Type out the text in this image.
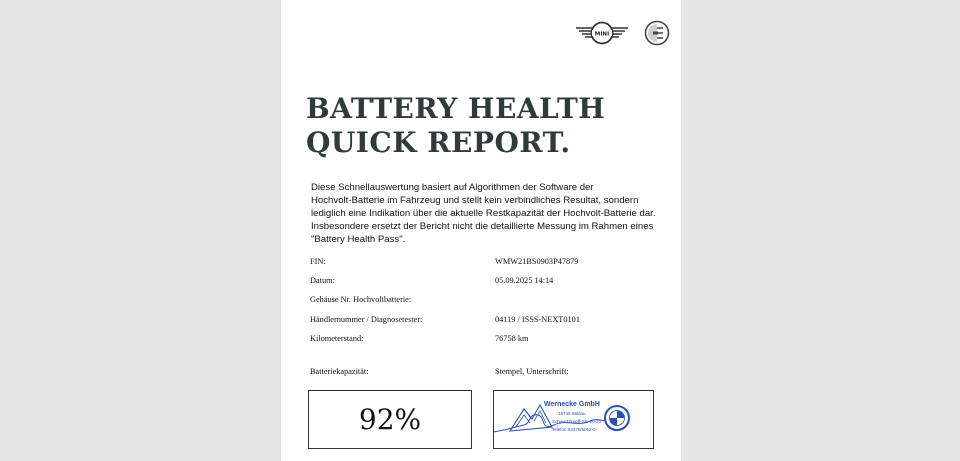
MINI
BATTERY HEALTH
QUICK REPORT.
Diese Schnellauswertung basiert auf Algorithmen der Software der
Hochvolt-Batterie im Fahrzeug und stellt kein verbindliches Resultat, sondern
lediglich eine Indikation über die aktuelle Restkapazität der Hochvolt-Batterie dar.
Insbesondere ersetzt der Bericht nicht die detaillierte Messung im Rahmen eines
"Battery Health Pass".
FIN:	WMW21BS0903P47879
Datum:	05.09.2025 14:14
Gehäuse Nr. Hochvoltbatterie:
Händlernummer / Diagnosetester:	04119 / ISSS-NEXT0101
Kilometerstand:	76758 km
Batteriekapazität:	Stempel, Unterschrift:
92%	Wernecke GmbH
15745 Wildau
Schwartzkopff-Str. 20-21
Telefon 03375/5052-0
